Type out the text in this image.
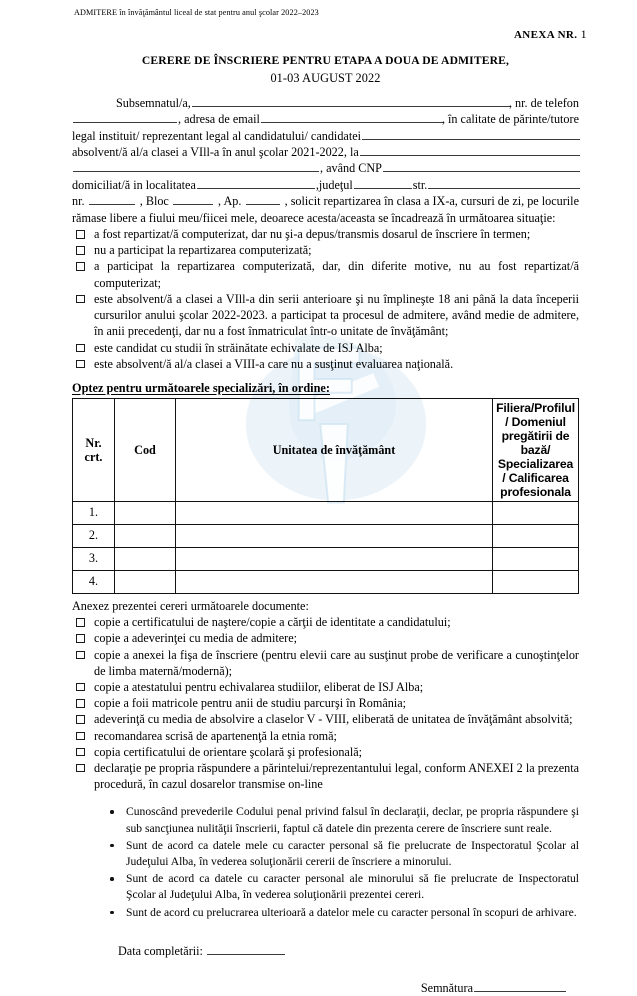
ADMITERE în învăţământul liceal de stat pentru anul şcolar 2022–2023
ANEXA NR. 1
CERERE DE ÎNSCRIERE PENTRU ETAPA A DOUA DE ADMITERE,
01-03 AUGUST 2022
Subsemnatul/a,	, nr. de telefon
, adresa de email	, în calitate de părinte/tutore
legal instituit/ reprezentant legal al candidatului/ candidatei
absolvent/ă al/a clasei a VIll-a în anul şcolar 2021-2022, la
, având CNP
domiciliat/ă in localitatea	, judeţul	str.
nr.	, Bloc	, Ap.	, solicit repartizarea în clasa a IX-a, cursuri de zi, pe locurile
rămase libere a fiului meu/fiicei mele, deoarece acesta/aceasta se încadrează în următoarea situaţie:
a fost repartizat/ă computerizat, dar nu şi-a depus/transmis dosarul de înscriere în termen;
nu a participat la repartizarea computerizată;
a participat la repartizarea computerizată, dar, din diferite motive, nu au fost repartizat/ă computerizat;
este absolvent/ă a clasei a VIll-a din serii anterioare şi nu împlineşte 18 ani până la data începerii cursurilor anului şcolar 2022-2023. a participat ta procesul de admitere, având medie de admitere, în anii precedenţi, dar nu a fost înmatriculat într-o unitate de învăţământ;
este candidat cu studii în străinătate echivalate de ISJ Alba;
este absolvent/ă al/a clasei a VIII-a care nu a susţinut evaluarea naţională.
Optez pentru următoarele specializări, în ordine:
Nr.
crt.	Cod	Unitatea de învăţământ	Filiera/Profilul / Domeniul pregătirii de bază/
Specializarea / Calificarea profesionala

1.			
2.			
3.			
4.			
Anexez prezentei cereri următoarele documente:
copie a certificatului de naştere/copie a cărţii de identitate a candidatului;
copie a adeverinţei cu media de admitere;
copie a anexei la fişa de înscriere (pentru elevii care au susţinut probe de verificare a cunoştinţelor de limba maternă/modernă);
copie a atestatului pentru echivalarea studiilor, eliberat de ISJ Alba;
copie a foii matricole pentru anii de studiu parcurşi în România;
adeverinţă cu media de absolvire a claselor V - VIII, eliberată de unitatea de învăţământ absolvită;
recomandarea scrisă de apartenenţă la etnia romă;
copia certificatului de orientare şcolară şi profesională;
declaraţie pe propria răspundere a părintelui/reprezentantului legal, conform ANEXEI 2 la prezenta procedură, în cazul dosarelor transmise on-line
Cunoscând prevederile Codului penal privind falsul în declaraţii, declar, pe propria răspundere şi sub sancţiunea nulităţii înscrierii, faptul că datele din prezenta cerere de înscriere sunt reale.
Sunt de acord ca datele mele cu caracter personal să fie prelucrate de Inspectoratul Şcolar al Judeţului Alba, în vederea soluţionării cererii de înscriere a minorului.
Sunt de acord ca datele cu caracter personal ale minorului să fie prelucrate de Inspectoratul Şcolar al Judeţului Alba, în vederea soluţionării prezentei cereri.
Sunt de acord cu prelucrarea ulterioară a datelor mele cu caracter personal în scopuri de arhivare.
Data completării:
Semnătura
